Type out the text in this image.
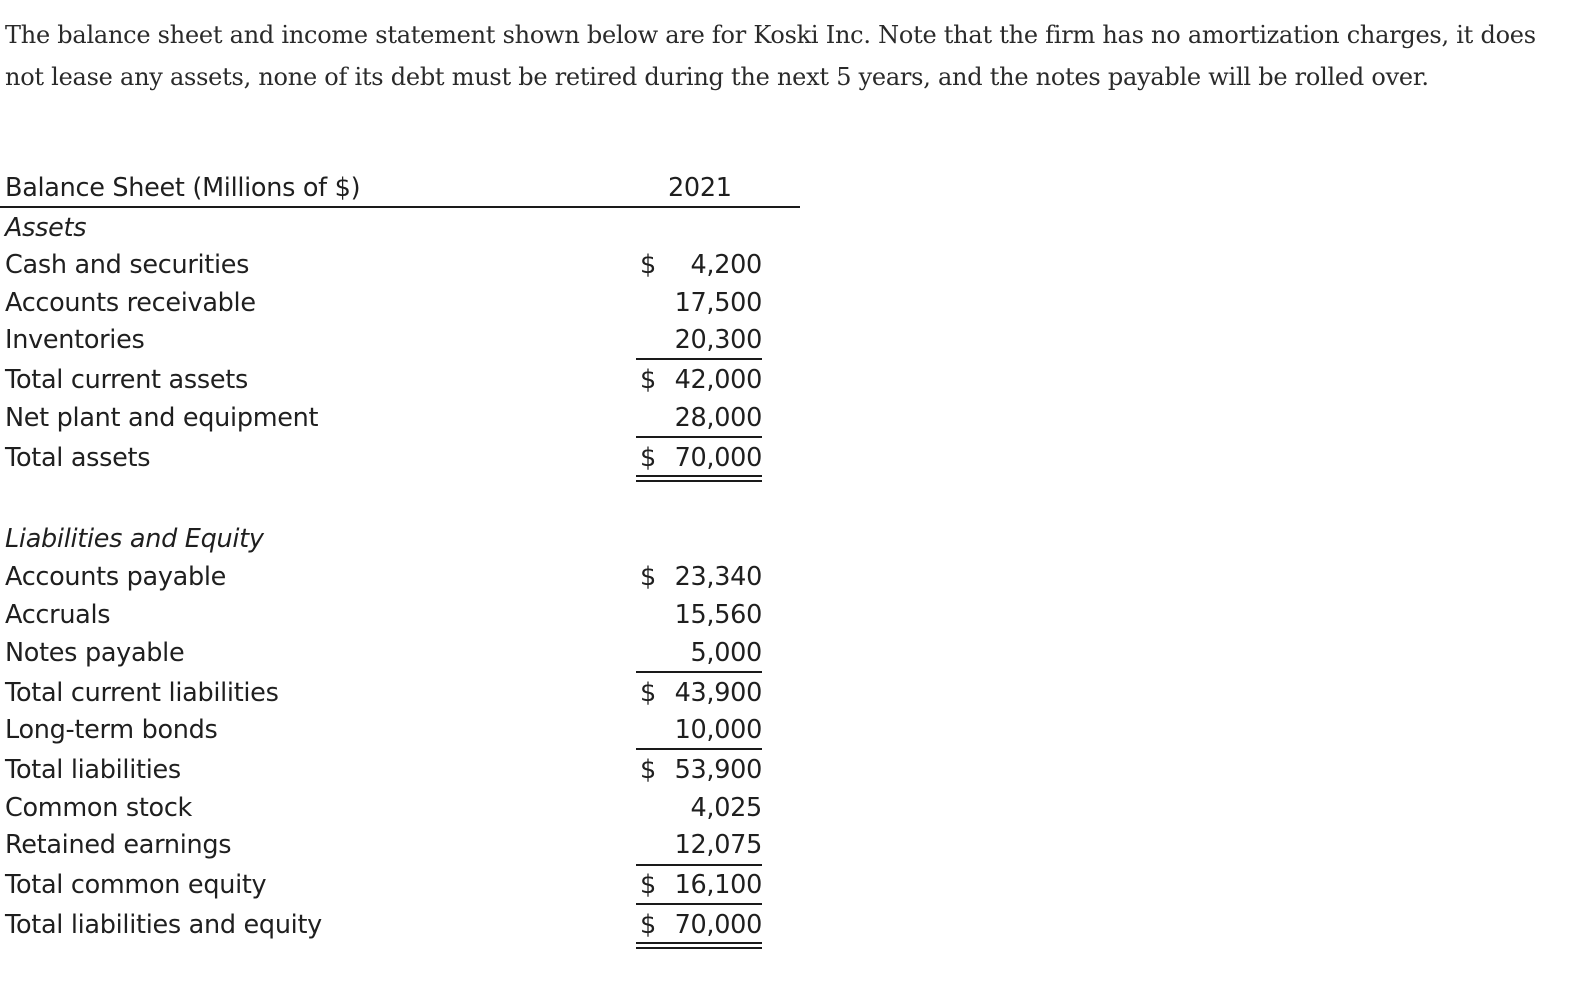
The balance sheet and income statement shown below are for Koski Inc. Note that the firm has no amortization charges, it does not lease any assets, none of its debt must be retired during the next 5 years, and the notes payable will be rolled over.

Balance Sheet (Millions of $)	2021
Assets
Cash and securities	$ 4,200
Accounts receivable	17,500
Inventories	20,300
Total current assets	$ 42,000
Net plant and equipment	28,000
Total assets	$ 70,000
Liabilities and Equity
Accounts payable	$ 23,340
Accruals	15,560
Notes payable	5,000
Total current liabilities	$ 43,900
Long-term bonds	10,000
Total liabilities	$ 53,900
Common stock	4,025
Retained earnings	12,075
Total common equity	$ 16,100
Total liabilities and equity	$ 70,000
